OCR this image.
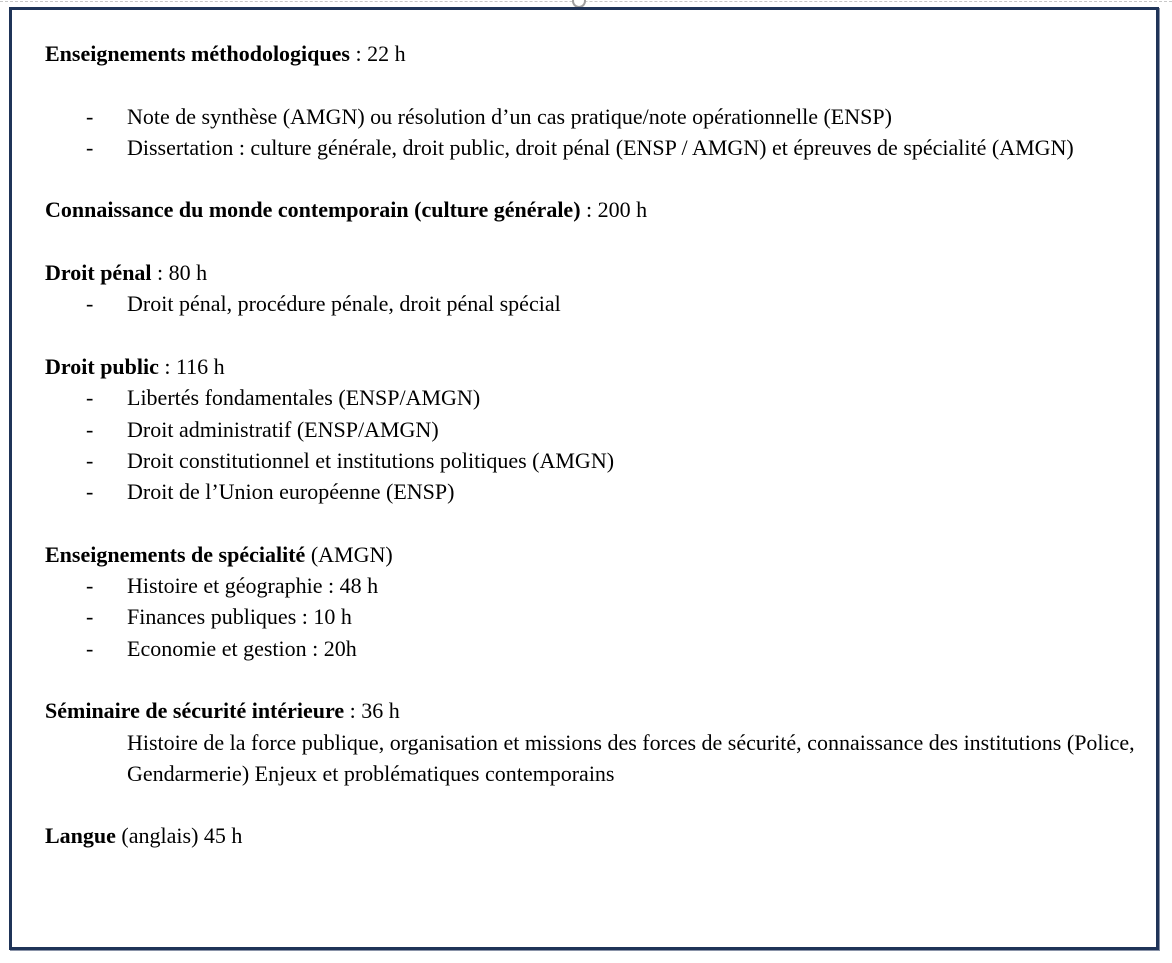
Enseignements méthodologiques : 22 h

- Note de synthèse (AMGN) ou résolution d’un cas pratique/note opérationnelle (ENSP)
- Dissertation : culture générale, droit public, droit pénal (ENSP / AMGN) et épreuves de spécialité (AMGN)

Connaissance du monde contemporain (culture générale) : 200 h

Droit pénal : 80 h

- Droit pénal, procédure pénale, droit pénal spécial

Droit public : 116 h

- Libertés fondamentales (ENSP/AMGN)
- Droit administratif (ENSP/AMGN)
- Droit constitutionnel et institutions politiques (AMGN)
- Droit de l’Union européenne (ENSP)

Enseignements de spécialité (AMGN)

- Histoire et géographie : 48 h
- Finances publiques : 10 h
- Economie et gestion : 20h

Séminaire de sécurité intérieure : 36 h

Histoire de la force publique, organisation et missions des forces de sécurité, connaissance des institutions (Police, Gendarmerie) Enjeux et problématiques contemporains

Langue (anglais) 45 h
